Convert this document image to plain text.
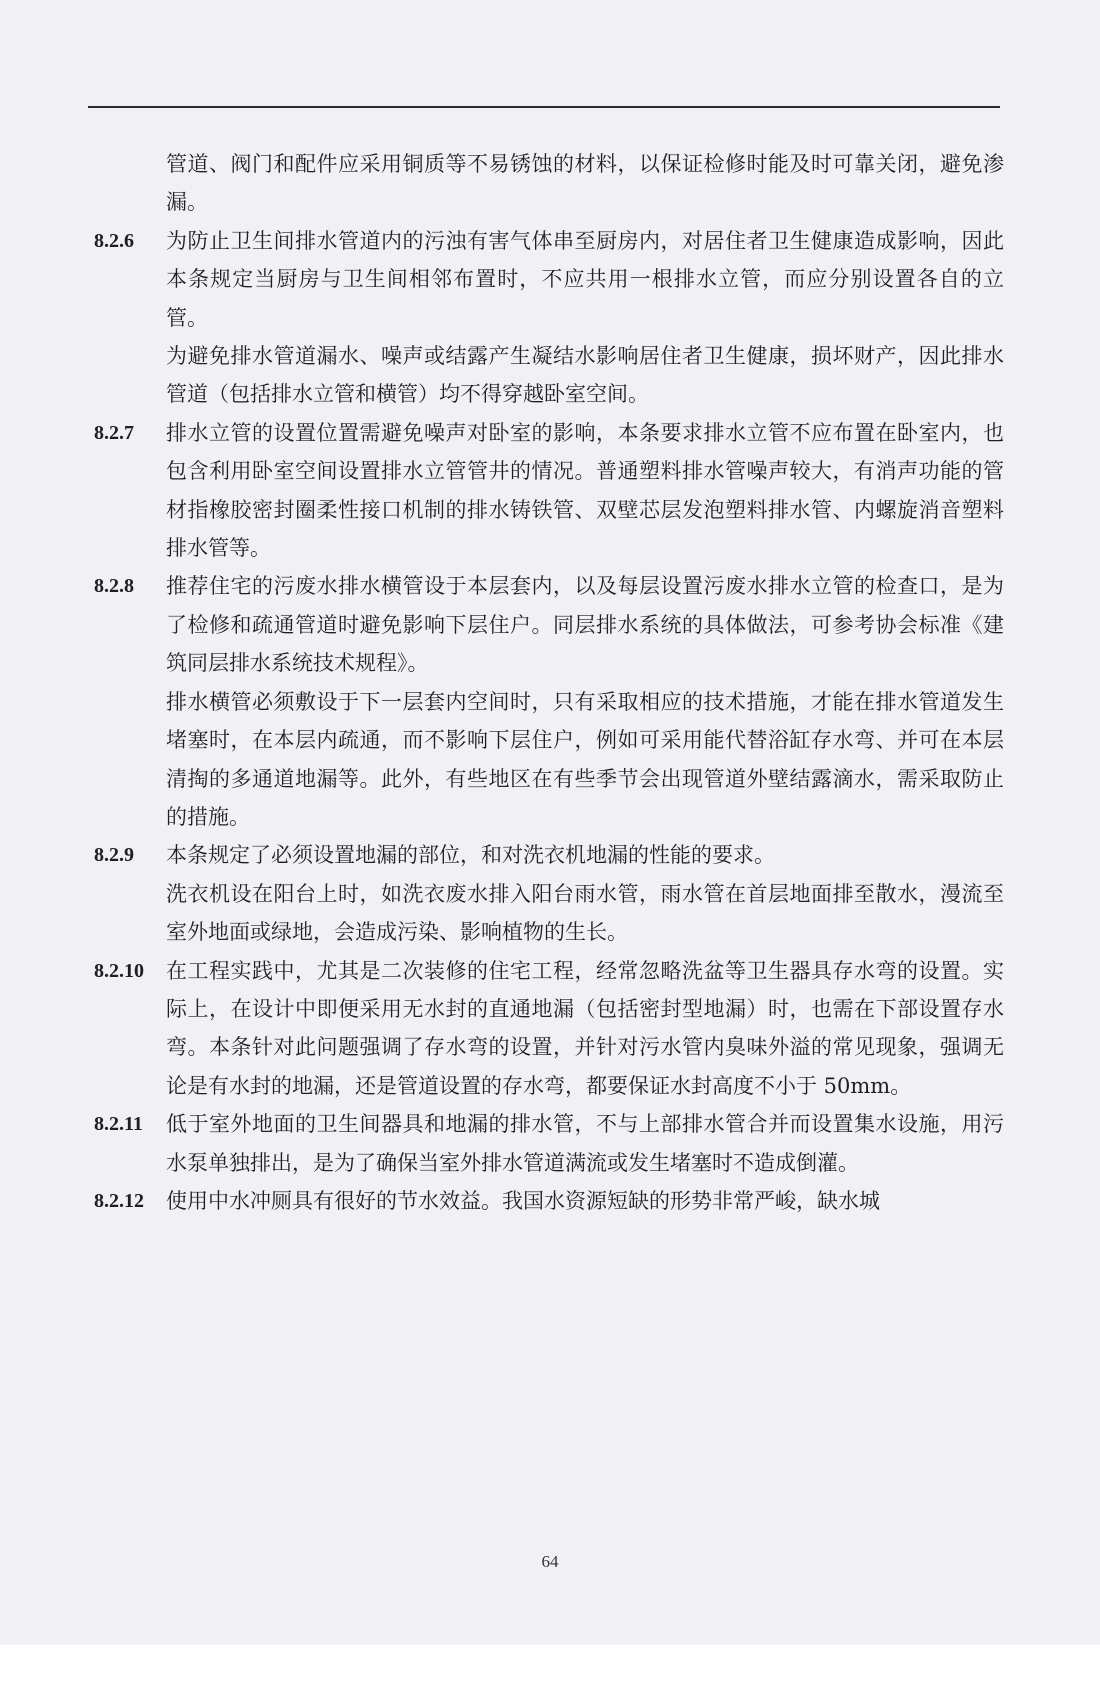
管道、阀门和配件应采用铜质等不易锈蚀的材料，以保证检修时能及时可靠关闭，避免渗漏。
8.2.6 为防止卫生间排水管道内的污浊有害气体串至厨房内，对居住者卫生健康造成影响，因此本条规定当厨房与卫生间相邻布置时，不应共用一根排水立管，而应分别设置各自的立管。
为避免排水管道漏水、噪声或结露产生凝结水影响居住者卫生健康，损坏财产，因此排水管道（包括排水立管和横管）均不得穿越卧室空间。
8.2.7 排水立管的设置位置需避免噪声对卧室的影响，本条要求排水立管不应布置在卧室内，也包含利用卧室空间设置排水立管管井的情况。普通塑料排水管噪声较大，有消声功能的管材指橡胶密封圈柔性接口机制的排水铸铁管、双壁芯层发泡塑料排水管、内螺旋消音塑料排水管等。
8.2.8 推荐住宅的污废水排水横管设于本层套内，以及每层设置污废水排水立管的检查口，是为了检修和疏通管道时避免影响下层住户。同层排水系统的具体做法，可参考协会标准《建筑同层排水系统技术规程》。
排水横管必须敷设于下一层套内空间时，只有采取相应的技术措施，才能在排水管道发生堵塞时，在本层内疏通，而不影响下层住户，例如可采用能代替浴缸存水弯、并可在本层清掏的多通道地漏等。此外，有些地区在有些季节会出现管道外壁结露滴水，需采取防止的措施。
8.2.9 本条规定了必须设置地漏的部位，和对洗衣机地漏的性能的要求。
洗衣机设在阳台上时，如洗衣废水排入阳台雨水管，雨水管在首层地面排至散水，漫流至室外地面或绿地，会造成污染、影响植物的生长。
8.2.10 在工程实践中，尤其是二次装修的住宅工程，经常忽略洗盆等卫生器具存水弯的设置。实际上，在设计中即便采用无水封的直通地漏（包括密封型地漏）时，也需在下部设置存水弯。本条针对此问题强调了存水弯的设置，并针对污水管内臭味外溢的常见现象，强调无论是有水封的地漏，还是管道设置的存水弯，都要保证水封高度不小于 50mm。
8.2.11 低于室外地面的卫生间器具和地漏的排水管，不与上部排水管合并而设置集水设施，用污水泵单独排出，是为了确保当室外排水管道满流或发生堵塞时不造成倒灌。
8.2.12 使用中水冲厕具有很好的节水效益。我国水资源短缺的形势非常严峻，缺水城
64
